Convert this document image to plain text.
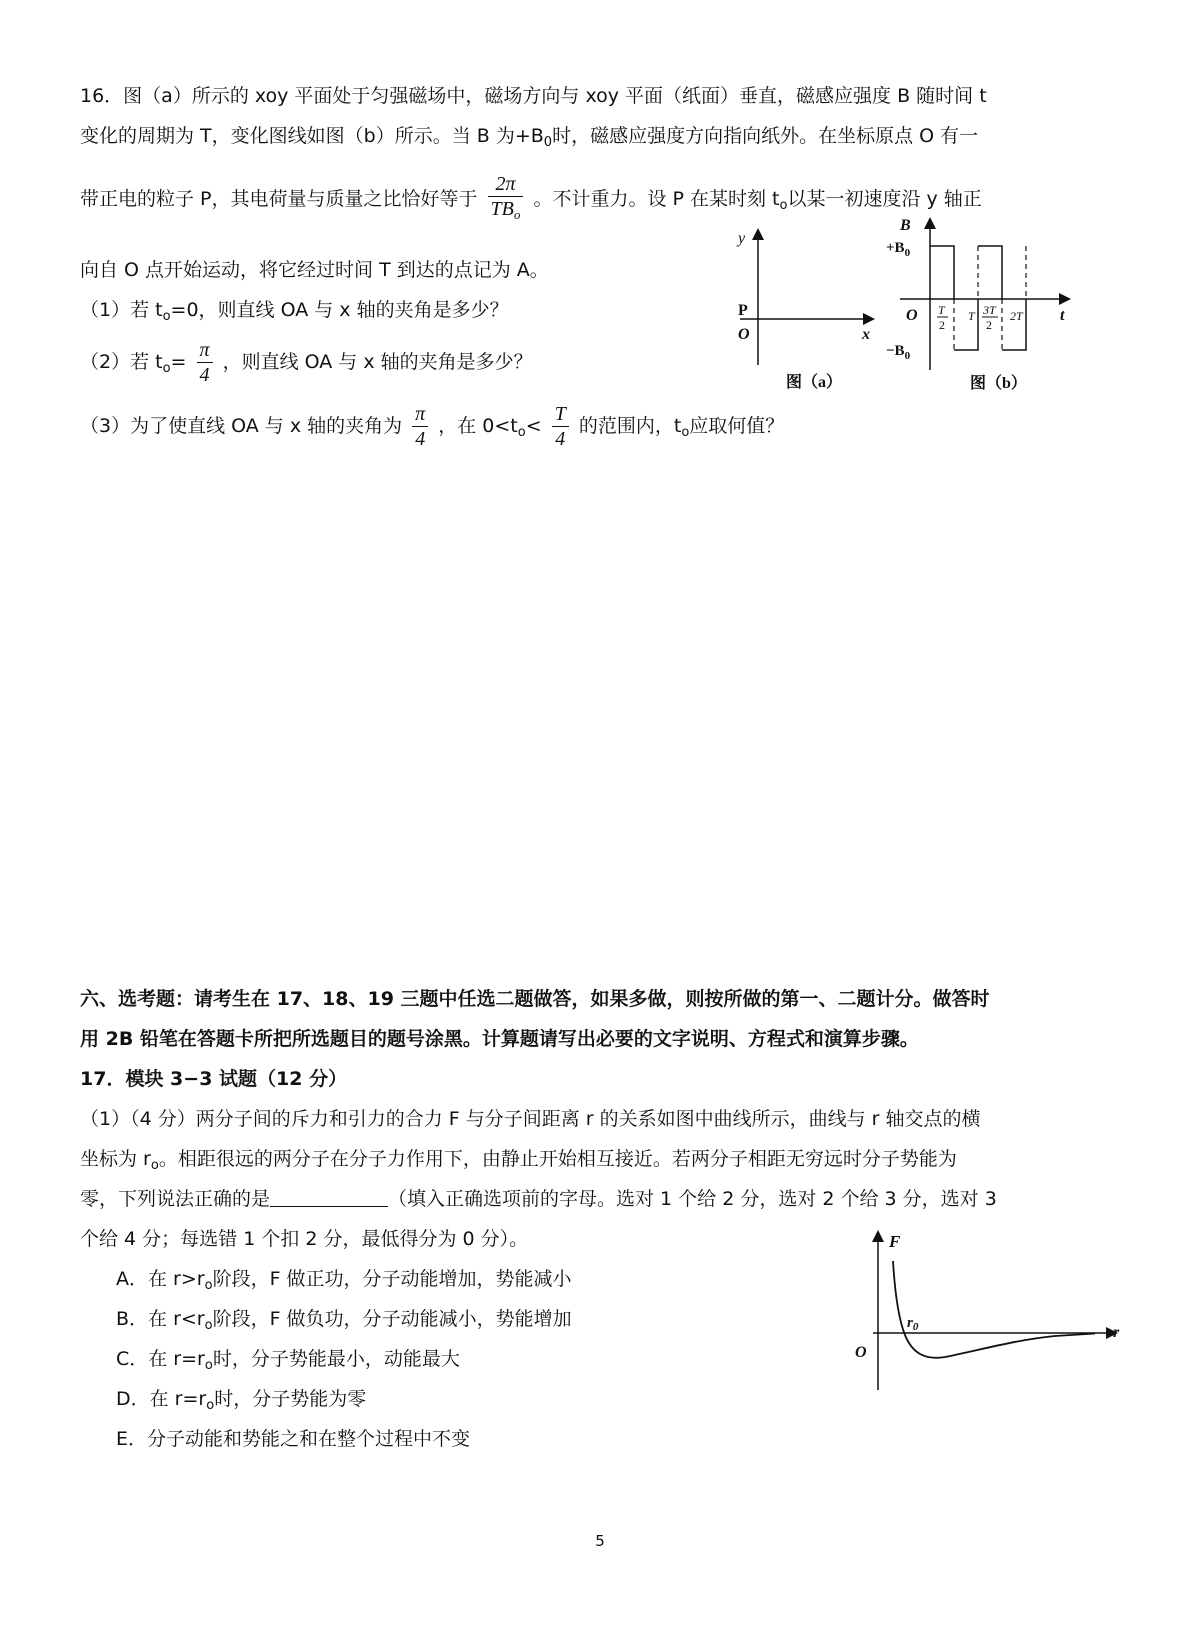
16．图（a）所示的 xoy 平面处于匀强磁场中，磁场方向与 xoy 平面（纸面）垂直，磁感应强度 B 随时间 t
变化的周期为 T，变化图线如图（b）所示。当 B 为$+B_0$时，磁感应强度方向指向纸外。在坐标原点 O 有一
带正电的粒子 P，其电荷量与质量之比恰好等于 $\frac{2\pi}{TB_o}$ 。不计重力。设 P 在某时刻 $t_o$以某一初速度沿 y 轴正
向自 O 点开始运动，将它经过时间 T 到达的点记为 A。
（1）若 $t_o=0$，则直线 OA 与 x 轴的夹角是多少？
（2）若 $t_o= \frac{\pi}{4}$ ，则直线 OA 与 x 轴的夹角是多少？
（3）为了使直线 OA 与 x 轴的夹角为 $\frac{\pi}{4}$ ，在 $0<t_o< \frac{T}{4}$ 的范围内，$t_o$应取何值？
y
x
P
O
图（a）
B
$+B_0$
$-B_0$
O	t
T
2
T 3T
2
2T
图（b）
六、选考题：请考生在 17、18、19 三题中任选二题做答，如果多做，则按所做的第一、二题计分。做答时
用 2B 铅笔在答题卡所把所选题目的题号涂黑。计算题请写出必要的文字说明、方程式和演算步骤。
17．模块 3−3 试题（12 分）
（1）（4 分）两分子间的斥力和引力的合力 F 与分子间距离 r 的关系如图中曲线所示，曲线与 r 轴交点的横
坐标为 $r_o$。相距很远的两分子在分子力作用下，由静止开始相互接近。若两分子相距无穷远时分子势能为
零，下列说法正确的是	（填入正确选项前的字母。选对 1 个给 2 分，选对 2 个给 3 分，选对 3
个给 4 分；每选错 1 个扣 2 分，最低得分为 0 分）。
A．在 $r>r_o$阶段，F 做正功，分子动能增加，势能减小
B．在 $r<r_o$阶段，F 做负功，分子动能减小，势能增加
C．在 $r=r_o$时，分子势能最小，动能最大
D．在 $r=r_o$时，分子势能为零
E．分子动能和势能之和在整个过程中不变
F
r
O
$r_0$
5
